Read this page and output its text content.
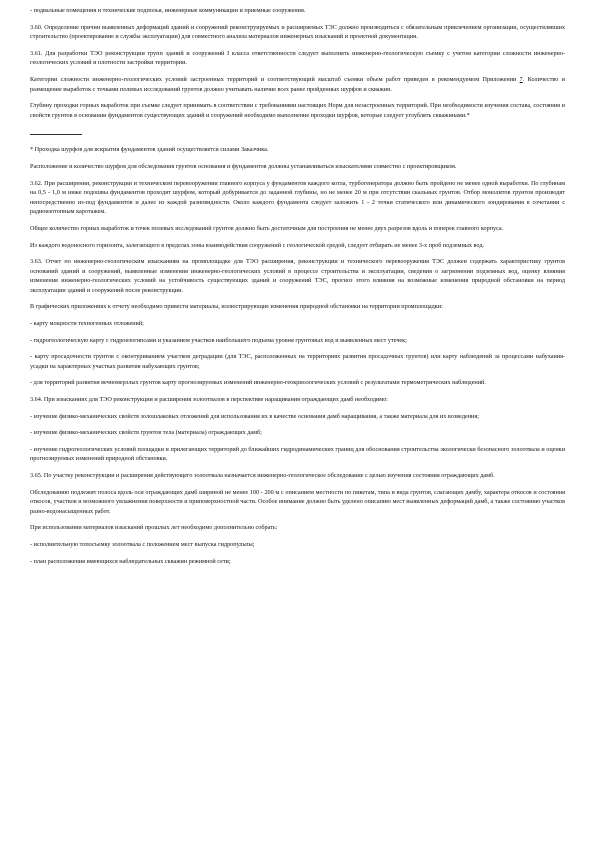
- подвальные помещения и технические подполья, инженерные коммуникации и приемные сооружения.

3.60. Определение причин выявленных деформаций зданий и сооружений реконструируемых и расширяемых ТЭС должно производиться с обязательным привлечением организации, осуществлявших строительство (проектирование и службы эксплуатации) для совместного анализа материалов инженерных изысканий и проектной документации.

3.61. Для разработки ТЭО реконструкции групп зданий и сооружений I класса ответственности следует выполнять инженерно-геологическую съемку с учетом категории сложности инженерно-геологических условий и плотности застройки территории.

Категории сложности инженерно-геологических условий застроенных территорий и соответствующий масштаб съемки объем работ приведен в рекомендуемом Приложении 7. Количество и размещение выработок с точками полевых исследований грунтов должно учитывать наличие всех ранее пройденных шурфов и скважин.

Глубину проходки горных выработок при съемке следует принимать в соответствии с требованиями настоящих Норм для незастроенных территорий. При необходимости изучения состава, состояния и свойств грунтов в основании фундаментов существующих зданий и сооружений необходимо выполнение проходки шурфов, которые следует углублять скважинами.*

* Проходка шурфов для вскрытия фундаментов зданий осуществляется силами Заказчика.

Расположение и количество шурфов для обследования грунтов основания и фундаментов должны устанавливаться изыскателями совместно с проектировщиком.

3.62. При расширении, реконструкции и техническом перевооружении главного корпуса у фундаментов каждого котла, турбогенератора должно быть пройдено не менее одной выработки. По глубинам на 0,5 - 1,0 м ниже подошвы фундаментов проходят шурфом, который добуривается до заданной глубины, но не менее 20 м при отсутствии скальных грунтов. Отбор монолитов грунтов производят непосредственно из-под фундаментов и далее из каждой разновидности. Около каждого фундамента следует заложить 1 - 2 точки статического или динамического зондирования в сочетании с радиоизотопным каротажем.

Общее количество горных выработок и точек полевых исследований грунтов должно быть достаточным для построения не менее двух разрезов вдоль и поперек главного корпуса.

Из каждого водоносного горизонта, залегающего в пределах зоны взаимодействия сооружений с геологической средой, следует отбирать не менее 3-х проб подземных вод.

3.63. Отчет по инженерно-геологическим изысканиям на промплощадке для ТЭО расширения, реконструкции и технического перевооружения ТЭС должен содержать характеристику грунтов оснований зданий и сооружений, выявленные изменения инженерно-геологических условий в процессе строительства и эксплуатации, сведения о загрязнении подземных вод, оценку влияния изменения инженерно-геологических условий на устойчивость существующих зданий и сооружений ТЭС, прогноз этого влияния на возможные изменения природной обстановки на период эксплуатации зданий и сооружений после реконструкции.

В графических приложениях к отчету необходимо привести материалы, иллюстрирующие изменения природной обстановки на территории промплощадки:

- карту мощности техногенных отложений;

- гидрогеологическую карту с гидроизогипсами и указанием участков наибольшего подъема уровня грунтовых вод и выявленных мест утечек;

- карту просадочности грунтов с оконтуриванием участков деградации (для ТЭС, расположенных на территориях развития просадочных грунтов) или карту наблюдений за процессами набухания-усадки на характерных участках развития набухающих грунтов;

- для территорий развития вечномерзлых грунтов карту прогнозируемых изменений инженерно-геокриологических условий с результатами термометрических наблюдений.

3.64. При изысканиях для ТЭО реконструкции и расширения золоотвалов в перспективе наращивания ограждающих дамб необходимо:

- изучение физико-механических свойств золошлаковых отложений для использования их в качестве основания дамб наращивания, а также материала для их возведения;

- изучение физико-механических свойств грунтов тела (материала) ограждающих дамб;

- изучение гидрогеологических условий площадки и прилегающих территорий до ближайших гидродинамических границ для обоснования строительства экологически безопасного золоотвала и оценки прогнозируемых изменений природной обстановки.

3.65. По участку реконструкции и расширения действующего золоотвала назначается инженерно-геологическое обследование с целью изучения состояния ограждающих дамб.

Обследованию подлежит полоса вдоль оси ограждающих дамб шириной не менее 100 - 200 м с описанием местности по пикетам, типа и вида грунтов, слагающих дамбу, характера откосов и состояния откосов, участков и возможного увлажнения поверхности и приповерхностной части. Особое внимание должно быть уделено описанию мест выявленных деформаций дамб, а также состоянию участков разно-водонасыщенных работ.

При использовании материалов изысканий прошлых лет необходимо дополнительно собрать:

- исполнительную топосъемку золоотвала с положением мест выпуска гидропульпы;

- план расположения имеющихся наблюдательных скважин режимной сети;
